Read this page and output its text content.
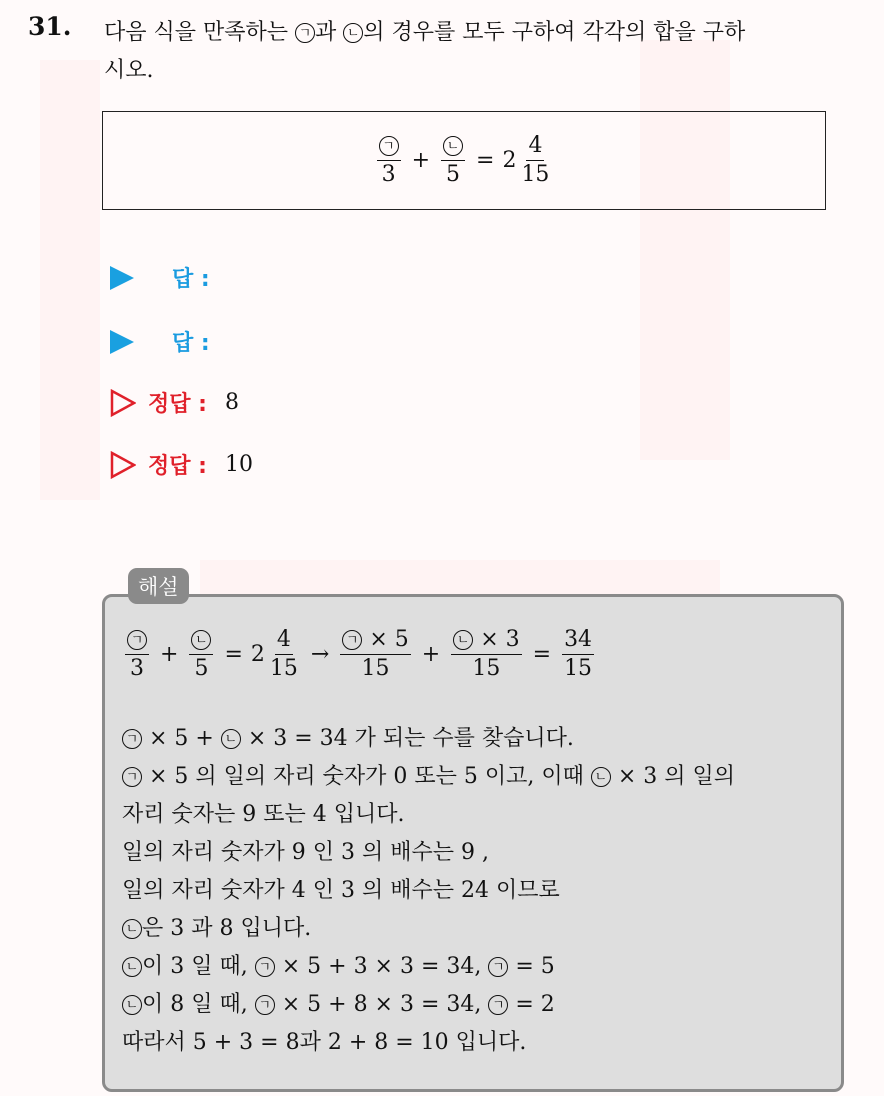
31. 다음 식을 만족하는 ㄱ 과 ㄴ 의 경우를 모두 구하여 각각의 합을 구하
시오.
$\frac{\text{ㄱ}}{3} + \frac{\text{ㄴ}}{5} = 2 \frac{4}{15}$
답 :
답 :
정답 : 8
정답 : 10
해설
$\frac{\text{ㄱ}}{3} + \frac{\text{ㄴ}}{5} = 2 \frac{4}{15} \to \frac{\text{ㄱ × 5}}{15} + \frac{\text{ㄴ × 3}}{15} = \frac{34}{15}$
ㄱ × 5 + ㄴ × 3 = 34 가 되는 수를 찾습니다.
ㄱ × 5 의 일의 자리 숫자가 0 또는 5 이고, 이때 ㄴ × 3 의 일의
자리 숫자는 9 또는 4 입니다.
일의 자리 숫자가 9 인 3 의 배수는 9 ,
일의 자리 숫자가 4 인 3 의 배수는 24 이므로
ㄴ 은 3 과 8 입니다.
ㄴ 이 3 일 때, ㄱ × 5 + 3 × 3 = 34, ㄱ = 5
ㄴ 이 8 일 때, ㄱ × 5 + 8 × 3 = 34, ㄱ = 2
따라서 5 + 3 = 8과 2 + 8 = 10 입니다.
